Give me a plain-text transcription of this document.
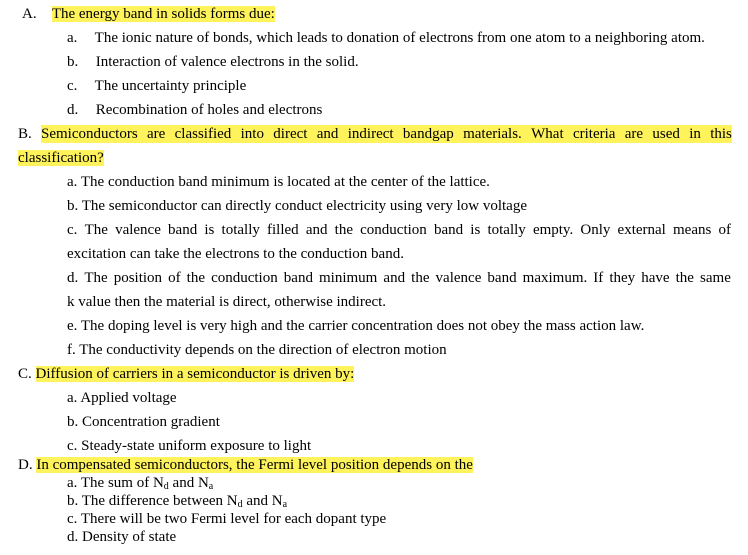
A. The energy band in solids forms due:
a. The ionic nature of bonds, which leads to donation of electrons from one atom to a neighboring atom.
b. Interaction of valence electrons in the solid.
c. The uncertainty principle
d. Recombination of holes and electrons
B. Semiconductors are classified into direct and indirect bandgap materials. What criteria are used in this
classification?
a. The conduction band minimum is located at the center of the lattice.
b. The semiconductor can directly conduct electricity using very low voltage
c. The valence band is totally filled and the conduction band is totally empty. Only external means of
excitation can take the electrons to the conduction band.
d. The position of the conduction band minimum and the valence band maximum. If they have the same
k value then the material is direct, otherwise indirect.
e. The doping level is very high and the carrier concentration does not obey the mass action law.
f. The conductivity depends on the direction of electron motion
C. Diffusion of carriers in a semiconductor is driven by:
a. Applied voltage
b. Concentration gradient
c. Steady-state uniform exposure to light
D. In compensated semiconductors, the Fermi level position depends on the
a. The sum of $N_d$ and $N_a$
b. The difference between $N_d$ and $N_a$
c. There will be two Fermi level for each dopant type
d. Density of state
